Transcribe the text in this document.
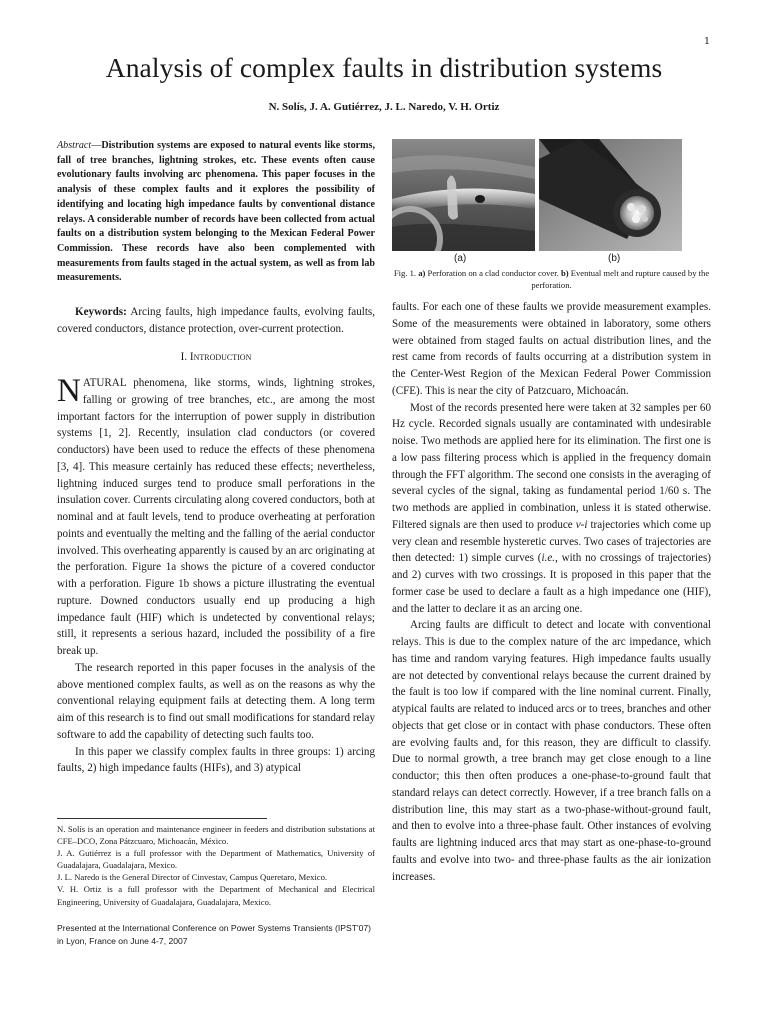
1
Analysis of complex faults in distribution systems
N. Solís, J. A. Gutiérrez, J. L. Naredo, V. H. Ortiz
Abstract—Distribution systems are exposed to natural events like storms, fall of tree branches, lightning strokes, etc. These events often cause evolutionary faults involving arc phenomena. This paper focuses in the analysis of these complex faults and it explores the possibility of identifying and locating high impedance faults by conventional distance relays. A considerable number of records have been collected from actual faults on a distribution system belonging to the Mexican Federal Power Commission. These records have also been complemented with measurements from faults staged in the actual system, as well as from lab measurements.
Keywords: Arcing faults, high impedance faults, evolving faults, covered conductors, distance protection, over-current protection.
I. Introduction

NATURAL phenomena, like storms, winds, lightning strokes, falling or growing of tree branches, etc., are among the most important factors for the interruption of power supply in distribution systems [1, 2]. Recently, insulation clad conductors (or covered conductors) have been used to reduce the effects of these phenomena [3, 4]. This measure certainly has reduced these effects; nevertheless, lightning induced surges tend to produce small perforations in the insulation cover. Currents circulating along covered conductors, both at nominal and at fault levels, tend to produce overheating at perforation points and eventually the melting and the falling of the aerial conductor involved. This overheating apparently is caused by an arc originating at the perforation. Figure 1a shows the picture of a covered conductor with a perforation. Figure 1b shows a picture illustrating the eventual rupture. Downed conductors usually end up producing a high impedance fault (HIF) which is undetected by conventional relays; still, it represents a serious hazard, included the possibility of a fire break up.

The research reported in this paper focuses in the analysis of the above mentioned complex faults, as well as on the reasons as why the conventional relaying equipment fails at detecting them. A long term aim of this research is to find out small modifications for standard relay software to add the capability of detecting such faults too.

In this paper we classify complex faults in three groups: 1) arcing faults, 2) high impedance faults (HIFs), and 3) atypical

N. Solís is an operation and maintenance engineer in feeders and distribution substations at CFE–DCO, Zona Pátzcuaro, Michoacán, México.

J. A. Gutiérrez is a full professor with the Department of Mathematics, University of Guadalajara, Guadalajara, Mexico.

J. L. Naredo is the General Director of Cinvestav, Campus Queretaro, Mexico.

V. H. Ortiz is a full professor with the Department of Mechanical and Electrical Engineering, University of Guadalajara, Guadalajara, Mexico.

Presented at the International Conference on Power Systems Transients (IPST'07) in Lyon, France on June 4-7, 2007
(a)	(b)
Fig. 1. a) Perforation on a clad conductor cover. b) Eventual melt and rupture caused by the perforation.

faults. For each one of these faults we provide measurement examples. Some of the measurements were obtained in laboratory, some others were obtained from staged faults on actual distribution lines, and the rest came from records of faults occurring at a distribution system in the Center-West Region of the Mexican Federal Power Commission (CFE). This is near the city of Patzcuaro, Michoacán.

Most of the records presented here were taken at 32 samples per 60 Hz cycle. Recorded signals usually are contaminated with undesirable noise. Two methods are applied here for its elimination. The first one is a low pass filtering process which is applied in the frequency domain through the FFT algorithm. The second one consists in the averaging of several cycles of the signal, taking as fundamental period 1/60 s. The two methods are applied in combination, unless it is stated otherwise. Filtered signals are then used to produce v-i trajectories which come up very clean and resemble hysteretic curves. Two cases of trajectories are then detected: 1) simple curves (i.e., with no crossings of trajectories) and 2) curves with two crossings. It is proposed in this paper that the former case be used to declare a fault as a high impedance one (HIF), and the latter to declare it as an arcing one.

Arcing faults are difficult to detect and locate with conventional relays. This is due to the complex nature of the arc impedance, which has time and random varying features. High impedance faults usually are not detected by conventional relays because the current drained by the fault is too low if compared with the line nominal current. Finally, atypical faults are related to induced arcs or to trees, branches and other objects that get close or in contact with phase conductors. These often are evolving faults and, for this reason, they are difficult to classify. Due to normal growth, a tree branch may get close enough to a line conductor; this then often produces a one-phase-to-ground fault that standard relays can detect correctly. However, if a tree branch falls on a distribution line, this may start as a two-phase-without-ground fault, and then to evolve into a three-phase fault. Other instances of evolving faults are lightning induced arcs that may start as one-phase-to-ground faults and evolve into two- and three-phase faults as the air ionization increases.
